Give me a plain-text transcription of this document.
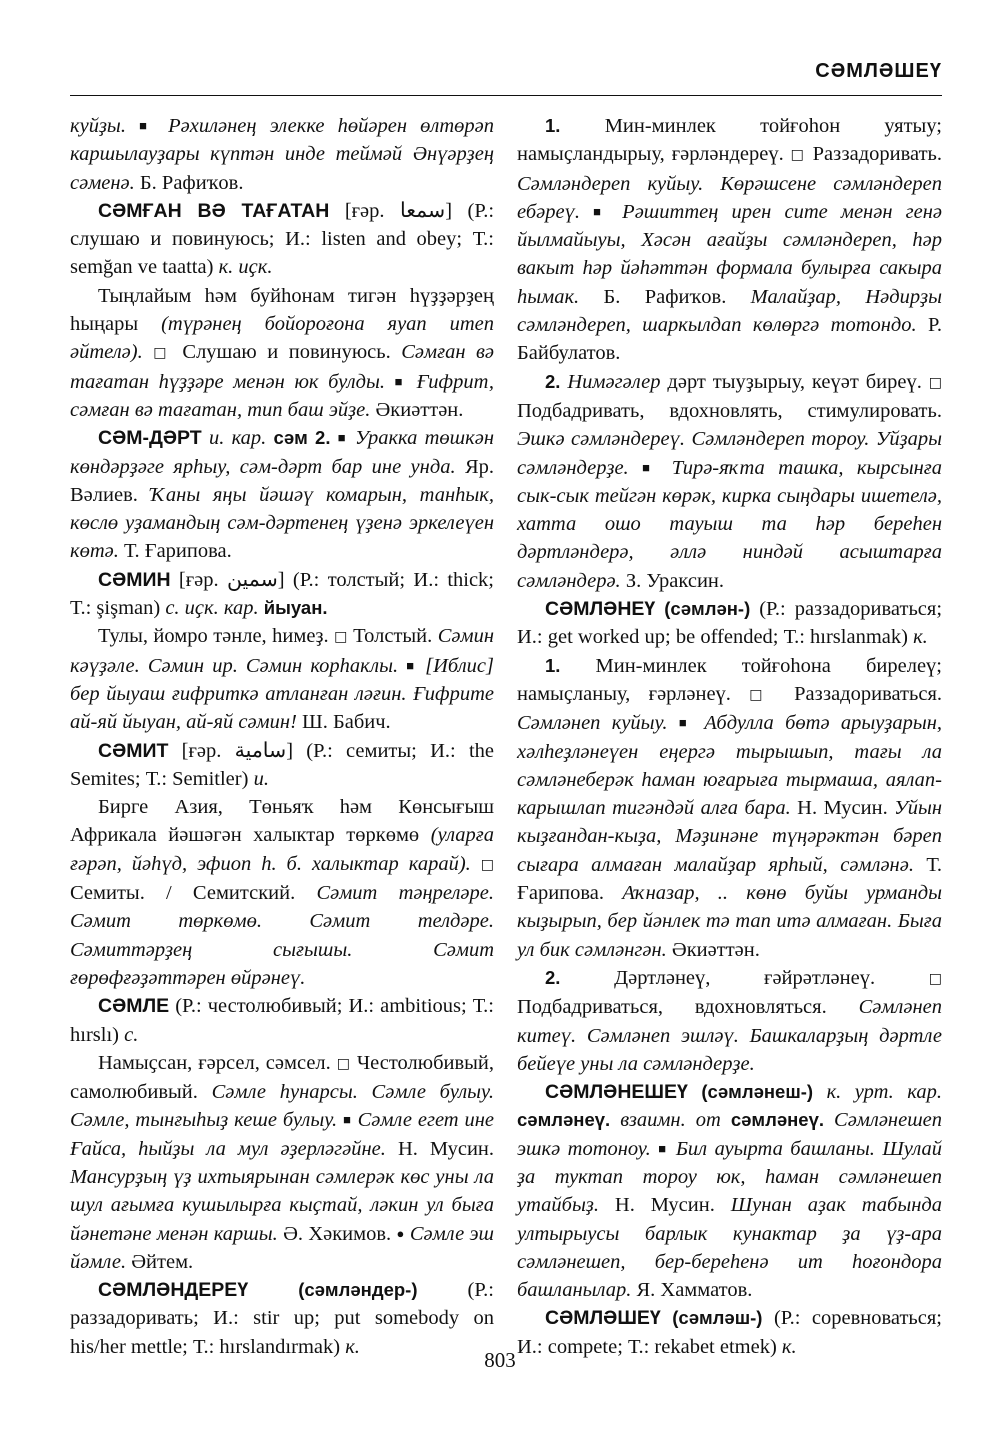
СӘМЛӘШЕҮ

куйҙы. ■ Рәхиләнең элекке һөйәрен өлтөрәп каршылауҙары күптән инде теймәй Әнүәрҙең сәменә. Б. Рафиҡов.

СӘМҒАН ВӘ ТАҒАТАН [ғәр. سمعا] (Р.: слушаю и повинуюсь; И.: listen and obey; Т.: semğan ve taatta) к. иҫк.

Тыңлайым һәм буйһонам тигән һүҙҙәрҙең һыңары (түрәнең бойороғона яуап итеп әйтелә). □ Слушаю и повинуюсь. Сәмған вә тағатан һүҙҙәре менән юк булды. ■ Ғифрит, сәмған вә тағатан, тип баш эйҙе. Әкиәттән.

СӘМ-ДӘРТ и. кар. сәм 2. ■ Уракка төшкән көндәрҙәге ярһыу, сәм-дәрт бар ине унда. Яр. Вәлиев. Ҡаны яңы йәшәү комарын, танһык, көслө уҙамандың сәм-дәртенең үҙенә эркелеүен көтә. Т. Ғарипова.

СӘМИН [ғәр. سمين] (Р.: толстый; И.: thick; Т.: şişman) с. иҫк. кар. йыуан.

Тулы, йомро тәнле, һимеҙ. □ Толстый. Сәмин кәүҙәле. Сәмин ир. Сәмин корһаклы. ■ [Иблис] бер йыуаш ғифриткә атланған ләғин. Ғифрите ай-яй йыуан, ай-яй сәмин! Ш. Бабич.

СӘМИТ [ғәр. سامية] (Р.: семиты; И.: the Semites; Т.: Semitler) и.

Бирге Азия, Төньяҡ һәм Көнсығыш Африкала йәшәгән халыктар төркөмө (уларға ғәрәп, йәһүд, эфиоп h. б. халыктар карай). □ Семиты. / Семитский. Сәмит тәңреләре. Сәмит төркөмө. Сәмит телдәре. Сәмиттәрҙең сығышы. Сәмит ғөрөфғәҙәттәрен өйрәнеү.

СӘМЛЕ (Р.: честолюбивый; И.: ambitious; Т.: hırslı) с.

Намыҫсан, ғәрсел, сәмсел. □ Честолюбивый, самолюбивый. Сәмле һунарсы. Сәмле булыу. Сәмле, тынғыһыҙ кеше булыу. ■ Сәмле егет ине Ғайса, һыйҙы ла мул әҙерләгәйне. Н. Мусин. Мансурҙың үҙ ихтыярынан сәмлерәк көс уны ла шул ағымға кушылырға кыҫтай, ләкин ул быға йәнетәне менән каршы. Ә. Хәкимов. ● Сәмле эш йәмле. Әйтем.

СӘМЛӘНДЕРЕҮ	(сәмләндер-) (Р.: раззадоривать; И.: stir up; put somebody on his/her mettle; Т.: hırslandırmak) к.

1. Мин-минлек тойғоһон уятыу; намыҫландырыу, ғәрләндереү. □ Раззадоривать. Сәмләндереп куйыу. Көрәшсене сәмләндереп ебәреү. ■ Рәшиттең ирен сите менән генә йылмайыуы, Хәсән ағайҙы сәмләндереп, һәр вакыт һәр йәһәттән формала булырға сакыра һымак. Б. Рафиҡов. Малайҙар, Нәдирҙы сәмләндереп, шаркылдап көлөргә тотондо. Р. Байбулатов.

2. Нимәгәлер дәрт тыуҙырыу, кеүәт биреү. □ Подбадривать, вдохновлять, стимулировать. Эшкә сәмләндереү. Сәмләндереп тороу. Уйҙары сәмләндерҙе. ■ Тирә-яҡта ташка, кырсынға сык-сык тейгән көрәк, кирка сыңдары ишетелә, хатта ошо тауыш та һәр берeһен дәртләндерә, әллә ниндәй асыштарға сәмләндерә. З. Ураксин.

СӘМЛӘНЕҮ (сәмлән-) (Р.: раззадориваться; И.: get worked up; be offended; Т.: hırslanmak) к.

1. Мин-минлек тойғоһона бирелеү; намыҫланыу, ғәрләнеү. □ Раззадориваться. Сәмләнеп куйыу. ■ Абдулла бөтә арыуҙарын, хәлһеҙләнеүен еңергә тырышып, тағы ла сәмләнеберәк һаман юғарыға тырмаша, аялап-карышлап тигәндәй алға бара. Н. Мусин. Уйын кыҙғандан-кыҙа, Мәҙинәне түңәрәктән бәреп сығара алмаған малайҙар ярһый, сәмләнә. Т. Ғарипова. Аҡназар, .. көнө буйы урманды кыҙырып, бер йәнлек тә тап итә алмаған. Быға ул бик сәмләнгән. Әкиәттән.

2.	Дәртләнеү, ғәйрәтләнеү.	□ Подбадриваться, вдохновляться. Сәмләнеп китеү. Сәмләнеп эшләү. Башкаларҙың дәртле бейеүе уны ла сәмләндерҙе.

СӘМЛӘНЕШЕҮ (сәмләнеш-) к. урт. кар. сәмләнеү. взаимн. от сәмләнеү. Сәмләнешеп эшкә тотоноу. ■ Бил ауырта башланы. Шулай ҙа туктап тороу юк, һаман сәмләнешеп утайбыҙ. Н. Мусин. Шунан аҙак табында ултырыусы барлык кунактар ҙа үҙ-ара сәмләнешеп, бер-береһенә ит һоғондора башланылар. Я. Хамматов.

СӘМЛӘШЕҮ (сәмләш-) (Р.: соревноваться; И.: compete; Т.: rekabet etmek) к.

803
